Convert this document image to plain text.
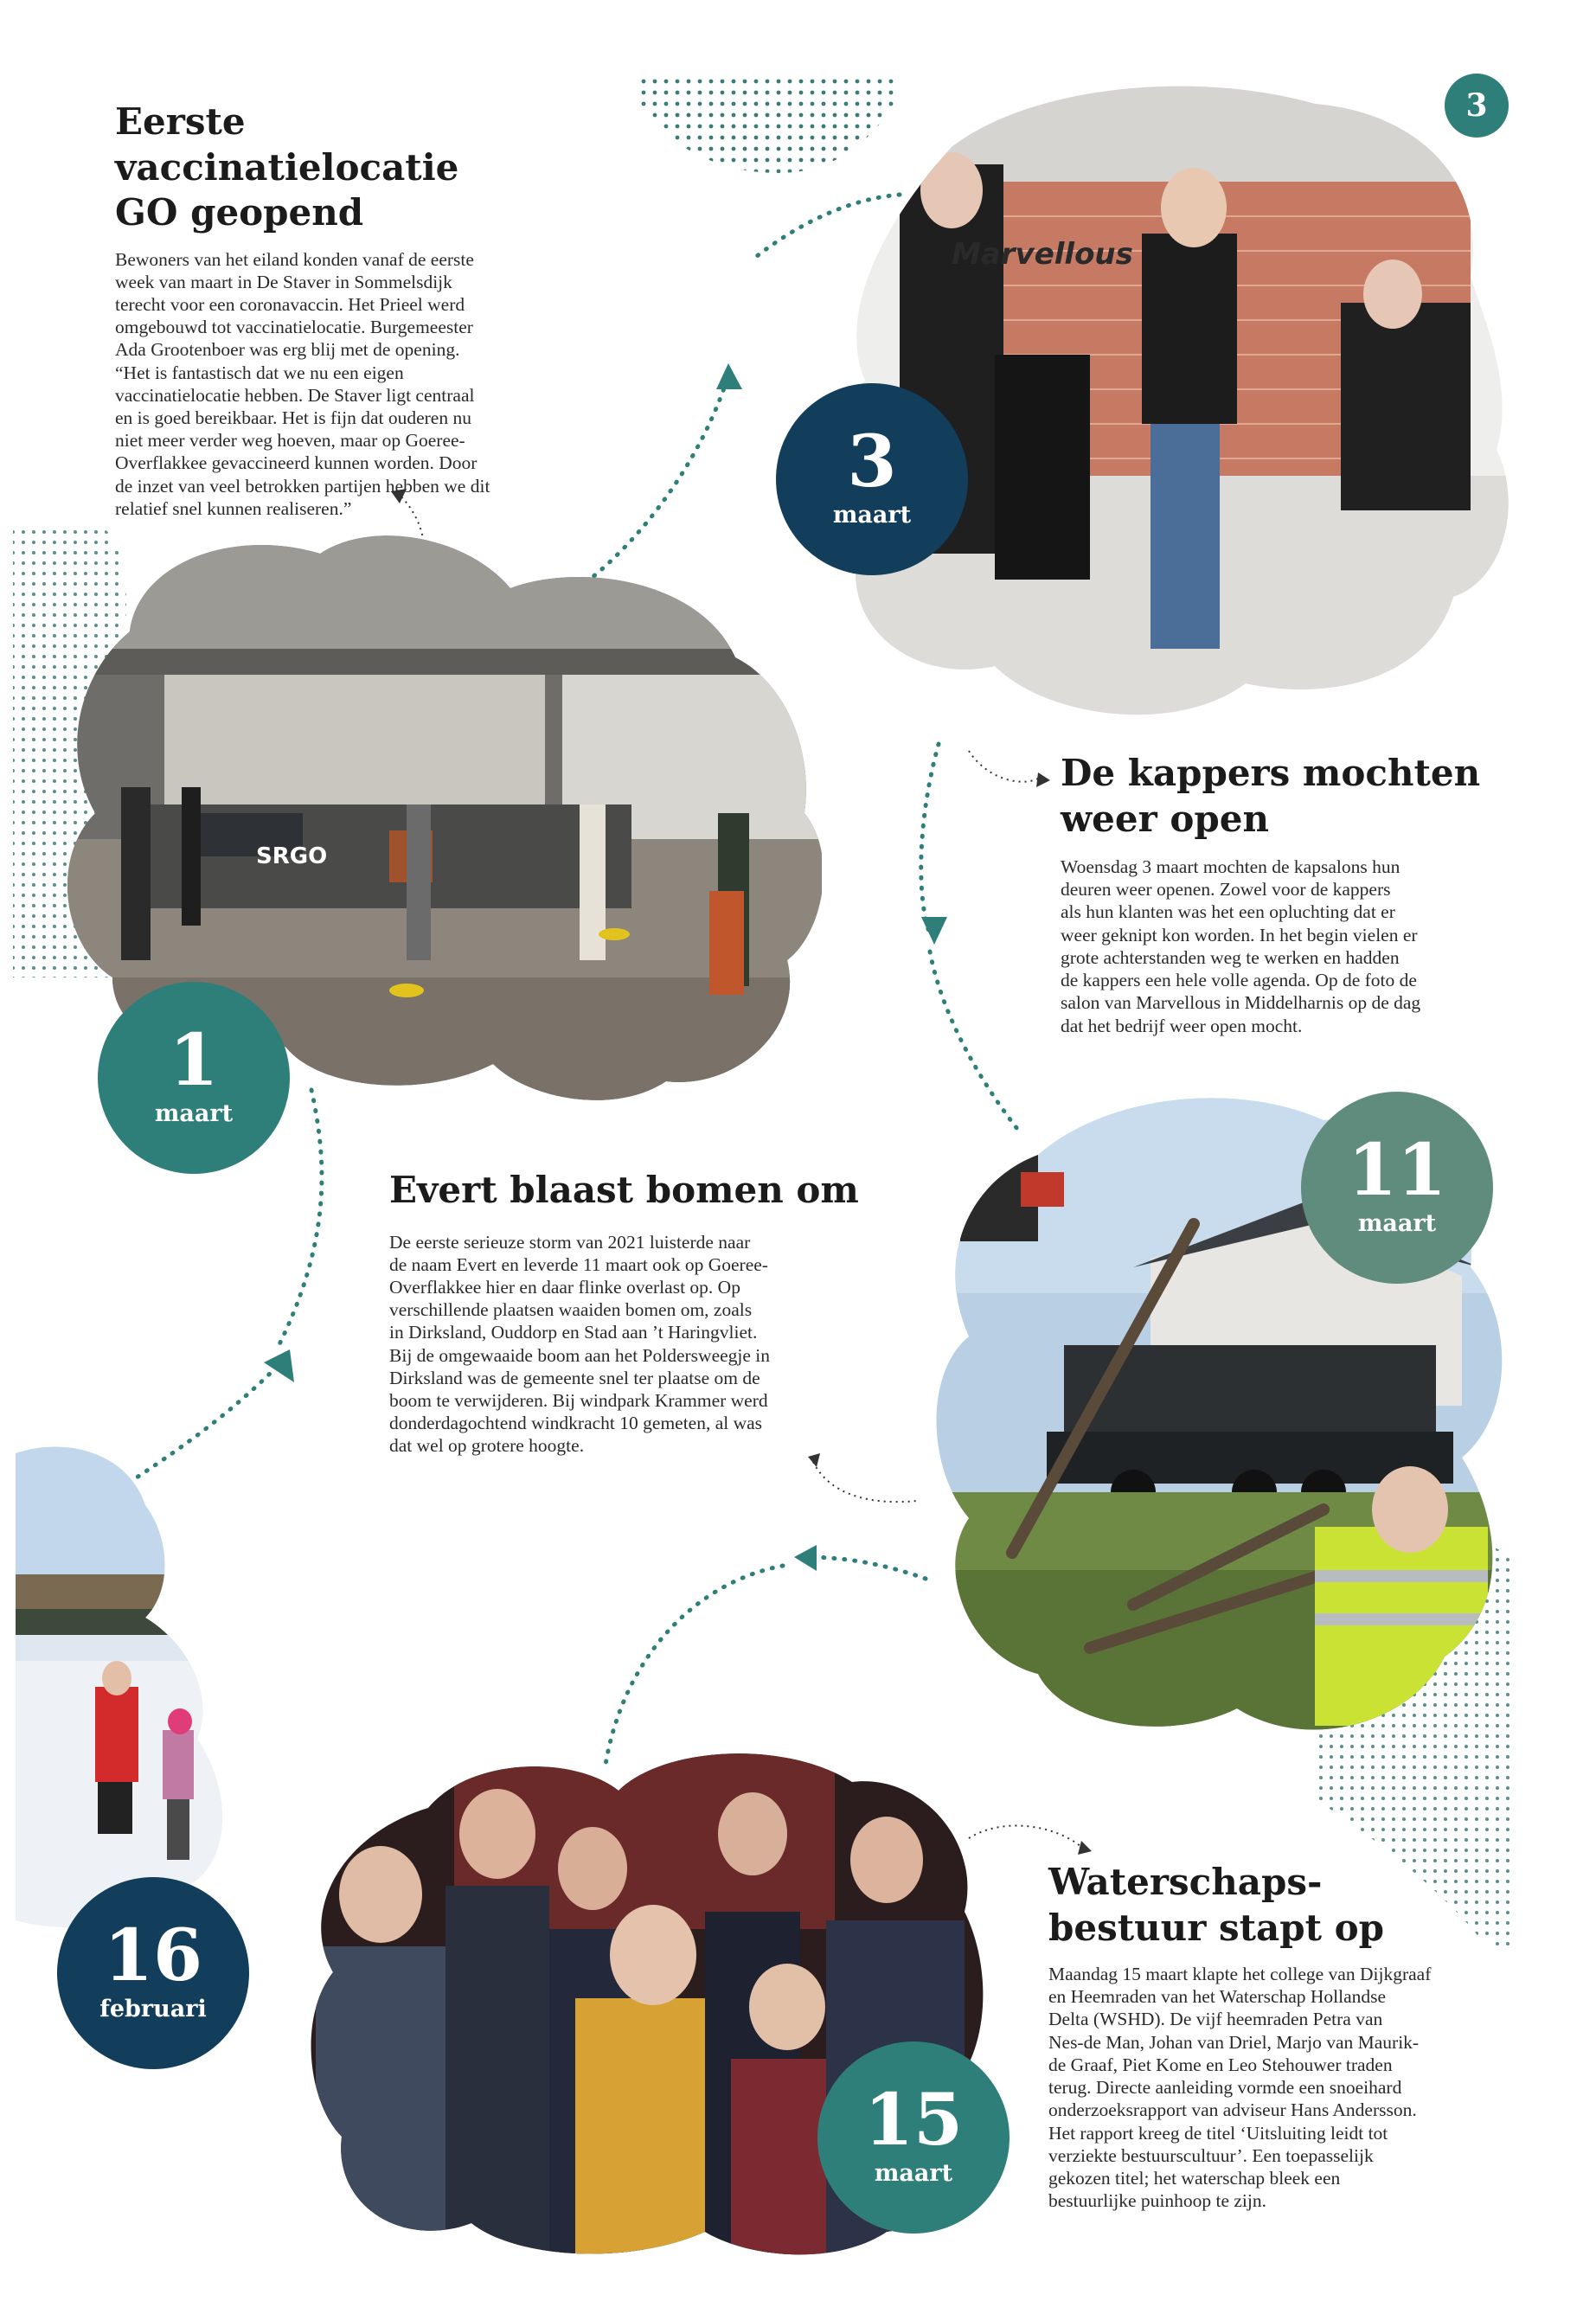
3
Eerste vaccinatielocatie
GO geopend

Bewoners van het eiland konden vanaf de eerste
week van maart in De Staver in Sommelsdijk
terecht voor een coronavaccin. Het Prieel werd
omgebouwd tot vaccinatielocatie. Burgemeester
Ada Grootenboer was erg blij met de opening.
“Het is fantastisch dat we nu een eigen
vaccinatielocatie hebben. De Staver ligt centraal
en is goed bereikbaar. Het is fijn dat ouderen nu
niet meer verder weg hoeven, maar op Goeree-
Overflakkee gevaccineerd kunnen worden. Door
de inzet van veel betrokken partijen hebben we dit
relatief snel kunnen realiseren.”

SRGO
1
maart
Marvellous
3
maart
De kappers mochten
weer open

Woensdag 3 maart mochten de kapsalons hun
deuren weer openen. Zowel voor de kappers
als hun klanten was het een opluchting dat er
weer geknipt kon worden. In het begin vielen er
grote achterstanden weg te werken en hadden
de kappers een hele volle agenda. Op de foto de
salon van Marvellous in Middelharnis op de dag
dat het bedrijf weer open mocht.

Evert blaast bomen om

De eerste serieuze storm van 2021 luisterde naar
de naam Evert en leverde 11 maart ook op Goeree-
Overflakkee hier en daar flinke overlast op. Op
verschillende plaatsen waaiden bomen om, zoals
in Dirksland, Ouddorp en Stad aan ’t Haringvliet.
Bij de omgewaaide boom aan het Poldersweegje in
Dirksland was de gemeente snel ter plaatse om de
boom te verwijderen. Bij windpark Krammer werd
donderdagochtend windkracht 10 gemeten, al was
dat wel op grotere hoogte.

11
maart
16
februari
15
maart
Waterschaps-
bestuur stapt op

Maandag 15 maart klapte het college van Dijkgraaf
en Heemraden van het Waterschap Hollandse
Delta (WSHD). De vijf heemraden Petra van
Nes-de Man, Johan van Driel, Marjo van Maurik-
de Graaf, Piet Kome en Leo Stehouwer traden
terug. Directe aanleiding vormde een snoeihard
onderzoeksrapport van adviseur Hans Andersson.
Het rapport kreeg de titel ‘Uitsluiting leidt tot
verziekte bestuurscultuur’. Een toepasselijk
gekozen titel; het waterschap bleek een
bestuurlijke puinhoop te zijn.
